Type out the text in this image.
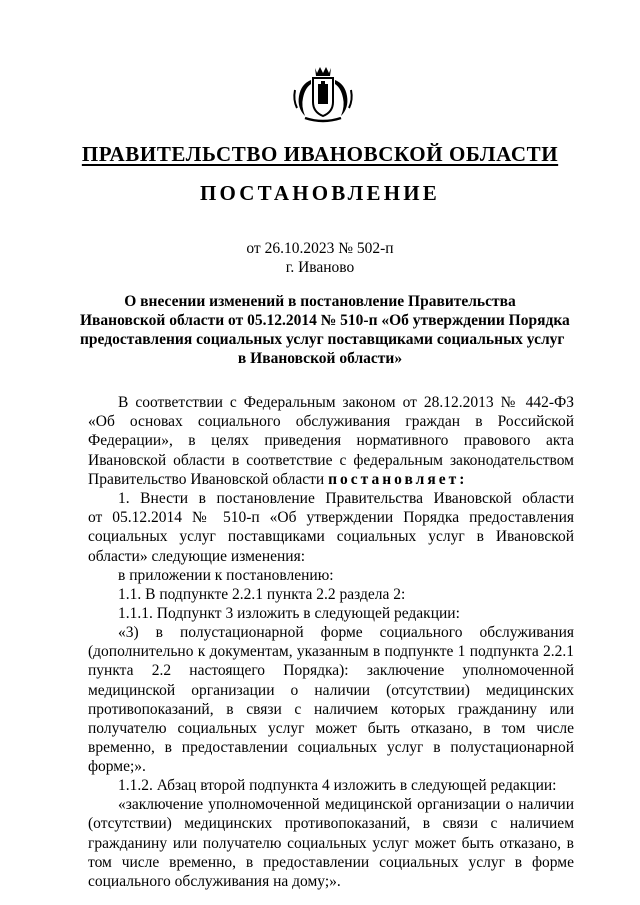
ПРАВИТЕЛЬСТВО ИВАНОВСКОЙ ОБЛАСТИ
ПОСТАНОВЛЕНИЕ
от 26.10.2023 № 502-п
г. Иваново
О внесении изменений в постановление Правительства
Ивановской области от 05.12.2014 № 510-п «Об утверждении Порядка
предоставления социальных услуг поставщиками социальных услуг
в Ивановской области»
В соответствии с Федеральным законом от 28.12.2013 № 442-ФЗ
«Об основах социального обслуживания граждан в Российской
Федерации», в целях приведения нормативного правового акта
Ивановской области в соответствие с федеральным законодательством
Правительство Ивановской области постановляет:
1. Внести в постановление Правительства Ивановской области
от 05.12.2014 № 510-п «Об утверждении Порядка предоставления
социальных услуг поставщиками социальных услуг в Ивановской
области» следующие изменения:
в приложении к постановлению:
1.1. В подпункте 2.2.1 пункта 2.2 раздела 2:
1.1.1. Подпункт 3 изложить в следующей редакции:
«3) в полустационарной форме социального обслуживания
(дополнительно к документам, указанным в подпункте 1 подпункта 2.2.1
пункта 2.2 настоящего Порядка): заключение уполномоченной
медицинской организации о наличии (отсутствии) медицинских
противопоказаний, в связи с наличием которых гражданину или
получателю социальных услуг может быть отказано, в том числе
временно, в предоставлении социальных услуг в полустационарной
форме;».
1.1.2. Абзац второй подпункта 4 изложить в следующей редакции:
«заключение уполномоченной медицинской организации о наличии
(отсутствии) медицинских противопоказаний, в связи с наличием
гражданину или получателю социальных услуг может быть отказано, в
том числе временно, в предоставлении социальных услуг в форме
социального обслуживания на дому;».
